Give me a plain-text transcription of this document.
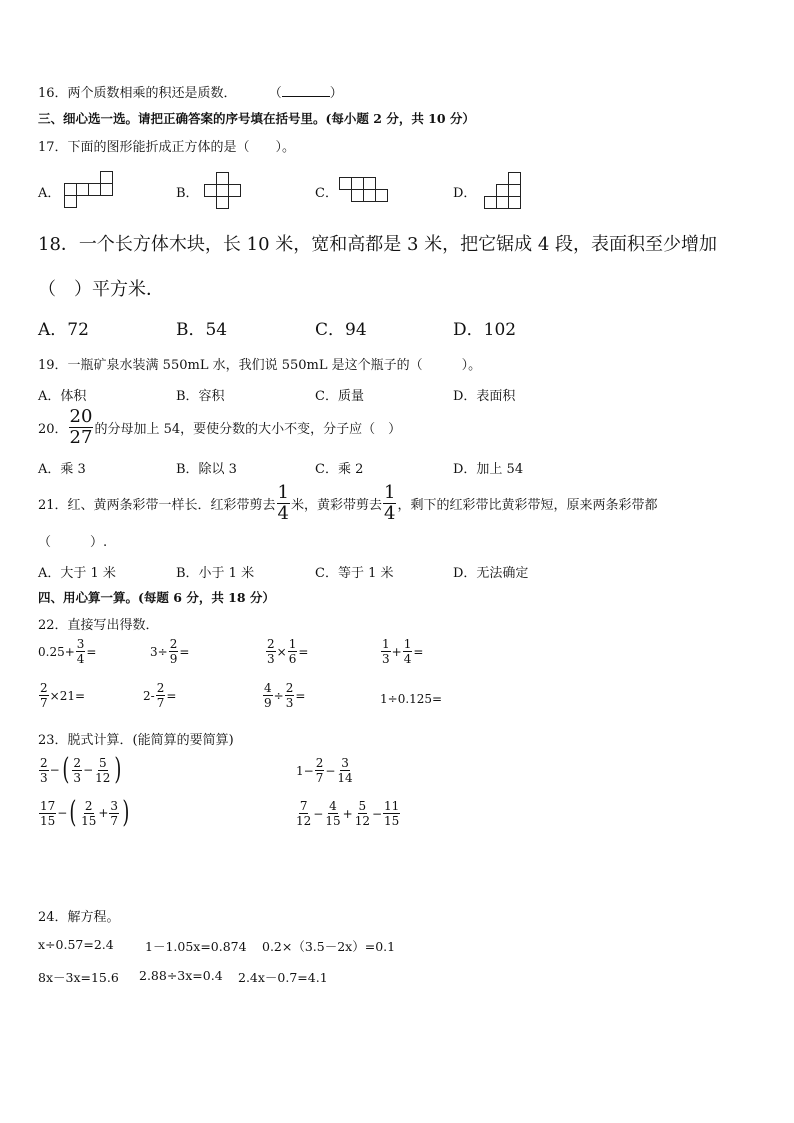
16．两个质数相乘的积还是质数． （	）
三、细心选一选。请把正确答案的序号填在括号里。(每小题 2 分，共 10 分）
17．下面的图形能折成正方体的是（　　）。
A．	B．	C．	D．
18．一个长方体木块，长 10 米，宽和高都是 3 米，把它锯成 4 段，表面积至少增加
（　）平方米．
A．72	B．54	C．94	D．102
19．一瓶矿泉水装满 550mL 水，我们说 550mL 是这个瓶子的（　　　）。
A．体积	B．容积	C．质量	D．表面积
20． $\frac{20}{27}$ 的分母加上 54，要使分数的大小不变，分子应（　）
A．乘 3	B．除以 3	C．乘 2	D．加上 54
21．红、黄两条彩带一样长．红彩带剪去 $\frac{1}{4}$ 米，黄彩带剪去 $\frac{1}{4}$ ，剩下的红彩带比黄彩带短，原来两条彩带都
（　　　）.
A．大于 1 米	B．小于 1 米	C．等于 1 米	D．无法确定
四、用心算一算。(每题 6 分，共 18 分）
22．直接写出得数．
$0.25+ \frac{3}{4}$ =	$3\div \frac{2}{9}$ =	$\frac{2}{3} \times \frac{1}{6}$ =	$\frac{1}{3} + \frac{1}{4}$ =
$\frac{2}{7} \times 21=$	$2- \frac{2}{7}$ =	$\frac{4}{9} \div \frac{2}{3}$ =	1÷0.125=
23．脱式计算．(能简算的要简算)
$\frac{2}{3}$ − ( $\frac{2}{3} - \frac{5}{12}$ )	$1- \frac{2}{7} - \frac{3}{14}$
$\frac{17}{15}$ − ( $\frac{2}{15} + \frac{3}{7}$ )	$\frac{7}{12} - \frac{4}{15} + \frac{5}{12} - \frac{11}{15}$
24．解方程。
x÷0.57=2.4	1－1.05x=0.874 0.2×（3.5－2x）=0.1
8x－3x=15.6 2.88÷3x=0.4 2.4x－0.7=4.1
